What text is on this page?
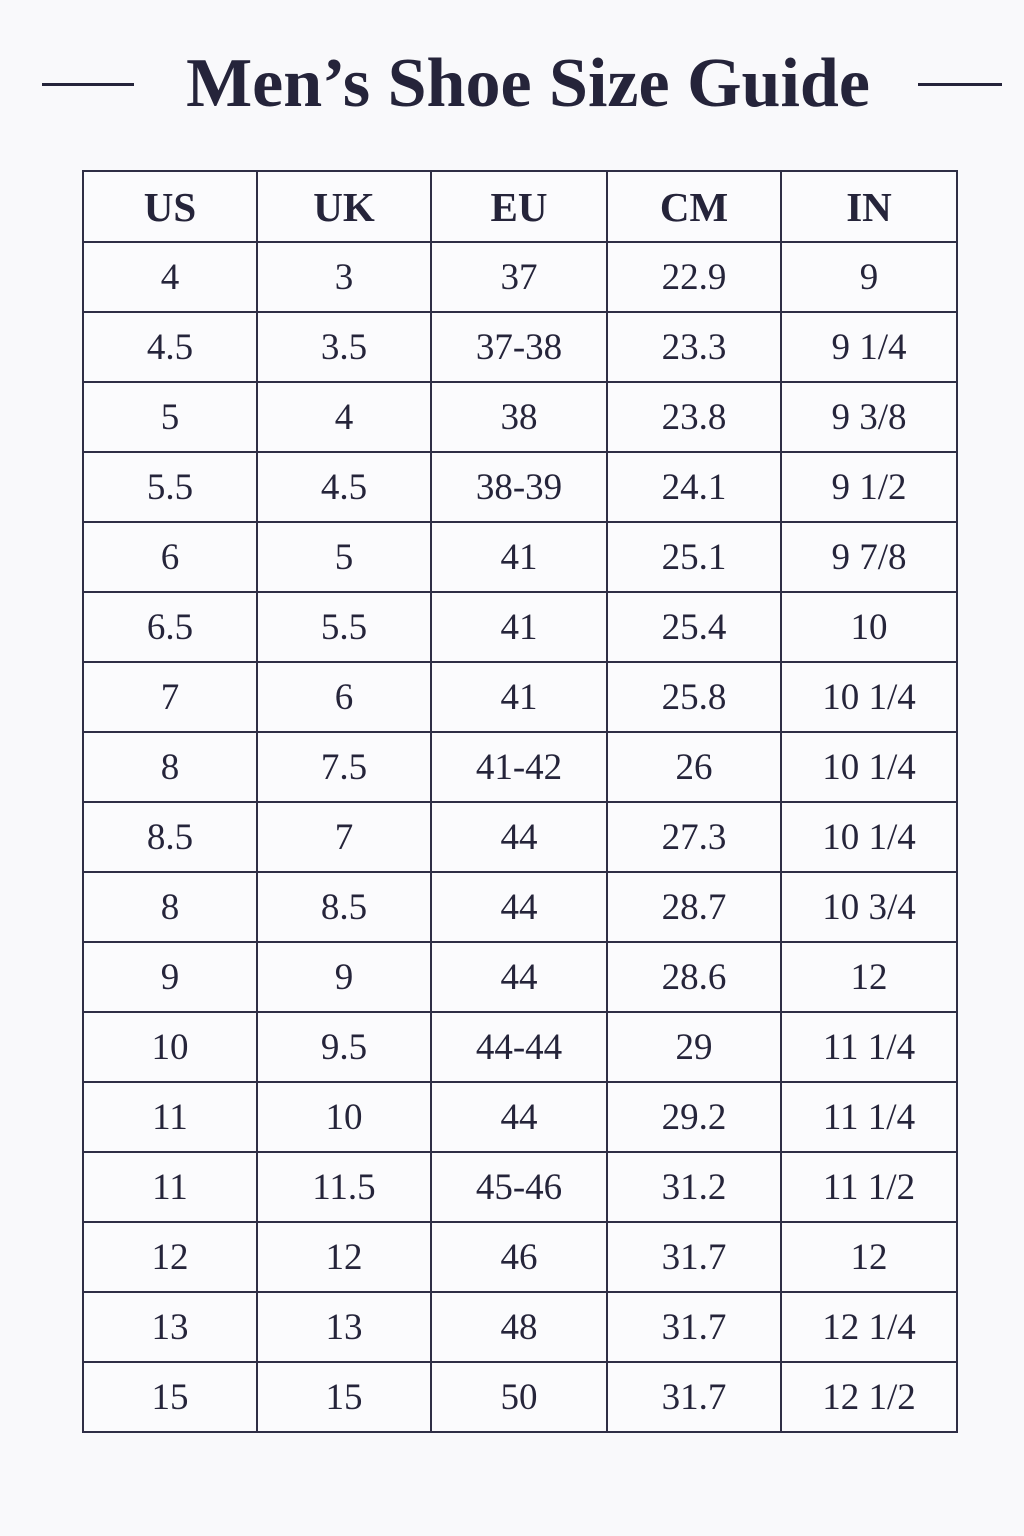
Men’s Shoe Size Guide
US	UK	EU	CM	IN
4	3	37	22.9	9
4.5	3.5	37-38	23.3	9 1/4
5	4	38	23.8	9 3/8
5.5	4.5	38-39	24.1	9 1/2
6	5	41	25.1	9 7/8
6.5	5.5	41	25.4	10
7	6	41	25.8	10 1/4
8	7.5	41-42	26	10 1/4
8.5	7	44	27.3	10 1/4
8	8.5	44	28.7	10 3/4
9	9	44	28.6	12
10	9.5	44-44	29	11 1/4
11	10	44	29.2	11 1/4
11	11.5	45-46	31.2	11 1/2
12	12	46	31.7	12
13	13	48	31.7	12 1/4
15	15	50	31.7	12 1/2
